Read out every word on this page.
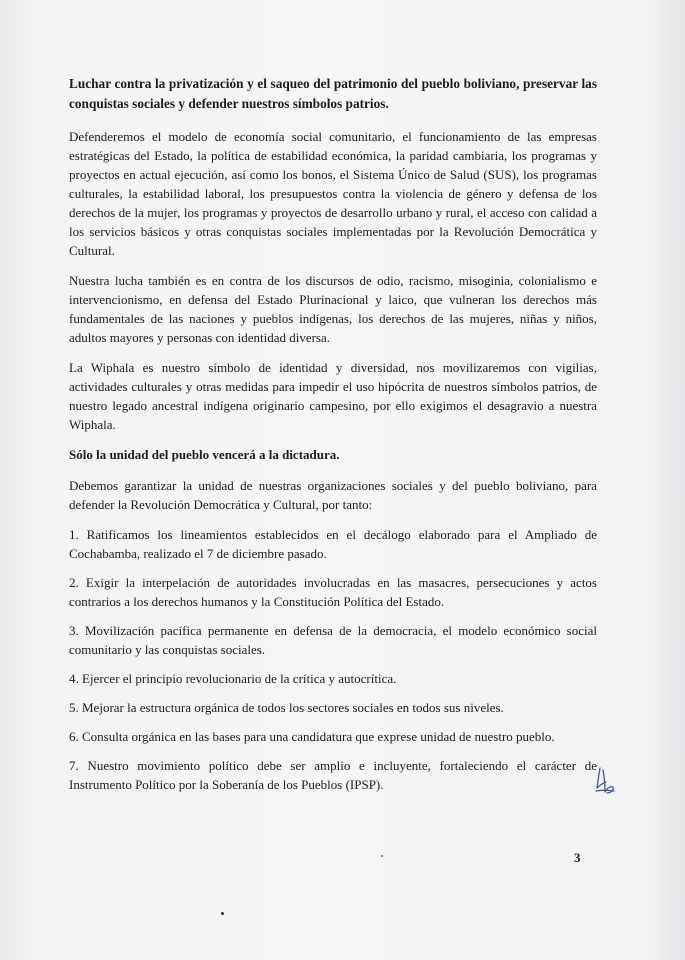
Luchar contra la privatización y el saqueo del patrimonio del pueblo boliviano, preservar las conquistas sociales y defender nuestros símbolos patrios.

Defenderemos el modelo de economía social comunitario, el funcionamiento de las empresas estratégicas del Estado, la política de estabilidad económica, la paridad cambiaria, los programas y proyectos en actual ejecución, así como los bonos, el Sistema Único de Salud (SUS), los programas culturales, la estabilidad laboral, los presupuestos contra la violencia de género y defensa de los derechos de la mujer, los programas y proyectos de desarrollo urbano y rural, el acceso con calidad a los servicios básicos y otras conquistas sociales implementadas por la Revolución Democrática y Cultural.

Nuestra lucha también es en contra de los discursos de odio, racismo, misoginia, colonialismo e intervencionismo, en defensa del Estado Plurinacional y laico, que vulneran los derechos más fundamentales de las naciones y pueblos indígenas, los derechos de las mujeres, niñas y niños, adultos mayores y personas con identidad diversa.

La Wiphala es nuestro símbolo de identidad y diversidad, nos movilizaremos con vigilias, actividades culturales y otras medidas para impedir el uso hipócrita de nuestros símbolos patrios, de nuestro legado ancestral indígena originario campesino, por ello exigimos el desagravio a nuestra Wiphala.

Sólo la unidad del pueblo vencerá a la dictadura.

Debemos garantizar la unidad de nuestras organizaciones sociales y del pueblo boliviano, para defender la Revolución Democrática y Cultural, por tanto:

1. Ratificamos los lineamientos establecidos en el decálogo elaborado para el Ampliado de Cochabamba, realizado el 7 de diciembre pasado.

2. Exigir la interpelación de autoridades involucradas en las masacres, persecuciones y actos contrarios a los derechos humanos y la Constitución Política del Estado.

3. Movilización pacífica permanente en defensa de la democracia, el modelo económico social comunitario y las conquistas sociales.

4. Ejercer el principio revolucionario de la crítica y autocrítica.

5. Mejorar la estructura orgánica de todos los sectores sociales en todos sus niveles.

6. Consulta orgánica en las bases para una candidatura que exprese unidad de nuestro pueblo.

7. Nuestro movimiento político debe ser amplio e incluyente, fortaleciendo el carácter de Instrumento Político por la Soberanía de los Pueblos (IPSP).

3
